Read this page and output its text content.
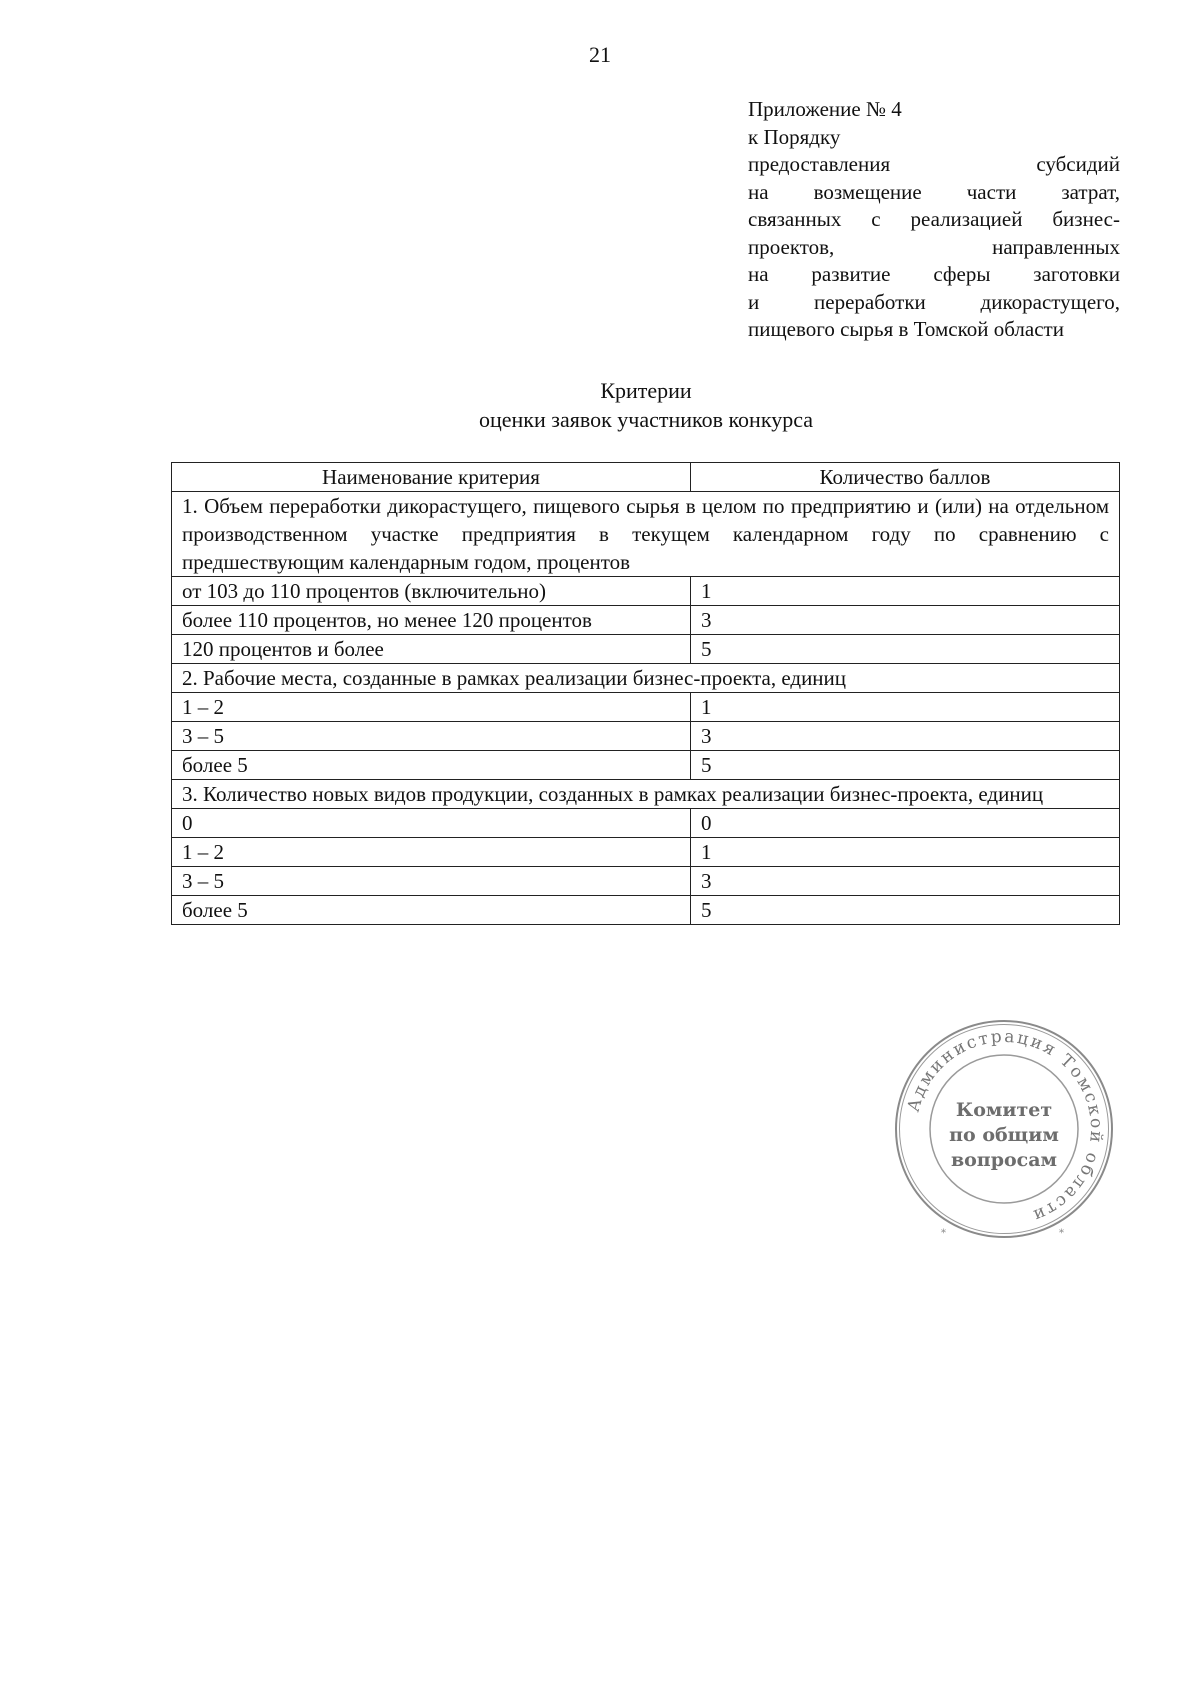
21
Приложение № 4
к Порядку
предоставления субсидий
на возмещение части затрат,
связанных с реализацией бизнес-
проектов, направленных
на развитие сферы заготовки
и переработки дикорастущего,
пищевого сырья в Томской области
Критерии
оценки заявок участников конкурса
Наименование критерия	Количество баллов
1. Объем переработки дикорастущего, пищевого сырья в целом по предприятию и (или) на отдельном производственном участке предприятия в текущем календарном году по сравнению с предшествующим календарным годом, процентов	
от 103 до 110 процентов (включительно)	1
более 110 процентов, но менее 120 процентов	3
120 процентов и более	5
2. Рабочие места, созданные в рамках реализации бизнес-проекта, единиц	
1 – 2	1
3 – 5	3
более 5	5
3. Количество новых видов продукции, созданных в рамках реализации бизнес-проекта, единиц	
0	0
1 – 2	1
3 – 5	3
более 5	5
Администрация Томской области
*	*
Комитет
по общим
вопросам
